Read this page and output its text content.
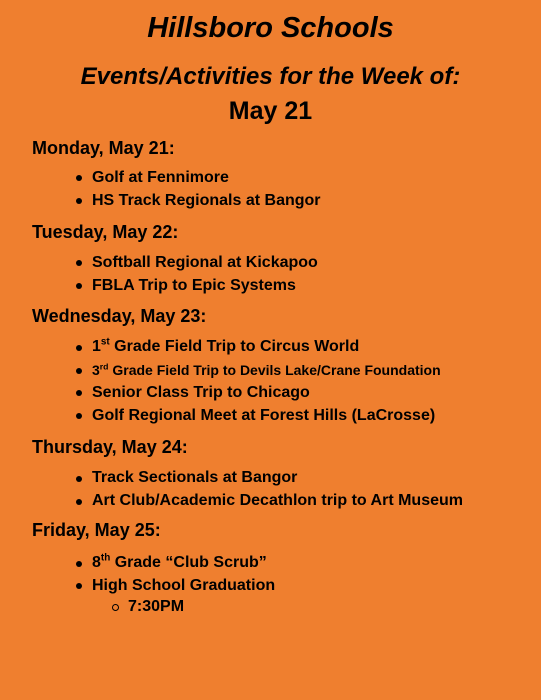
Hillsboro Schools
Events/Activities for the Week of:
May 21
Monday, May 21:
Golf at Fennimore
HS Track Regionals at Bangor
Tuesday, May 22:
Softball Regional at Kickapoo
FBLA Trip to Epic Systems
Wednesday, May 23:
1st Grade Field Trip to Circus World
3rd Grade Field Trip to Devils Lake/Crane Foundation
Senior Class Trip to Chicago
Golf Regional Meet at Forest Hills (LaCrosse)
Thursday, May 24:
Track Sectionals at Bangor
Art Club/Academic Decathlon trip to Art Museum
Friday, May 25:
8th Grade “Club Scrub”
High School Graduation
7:30PM
